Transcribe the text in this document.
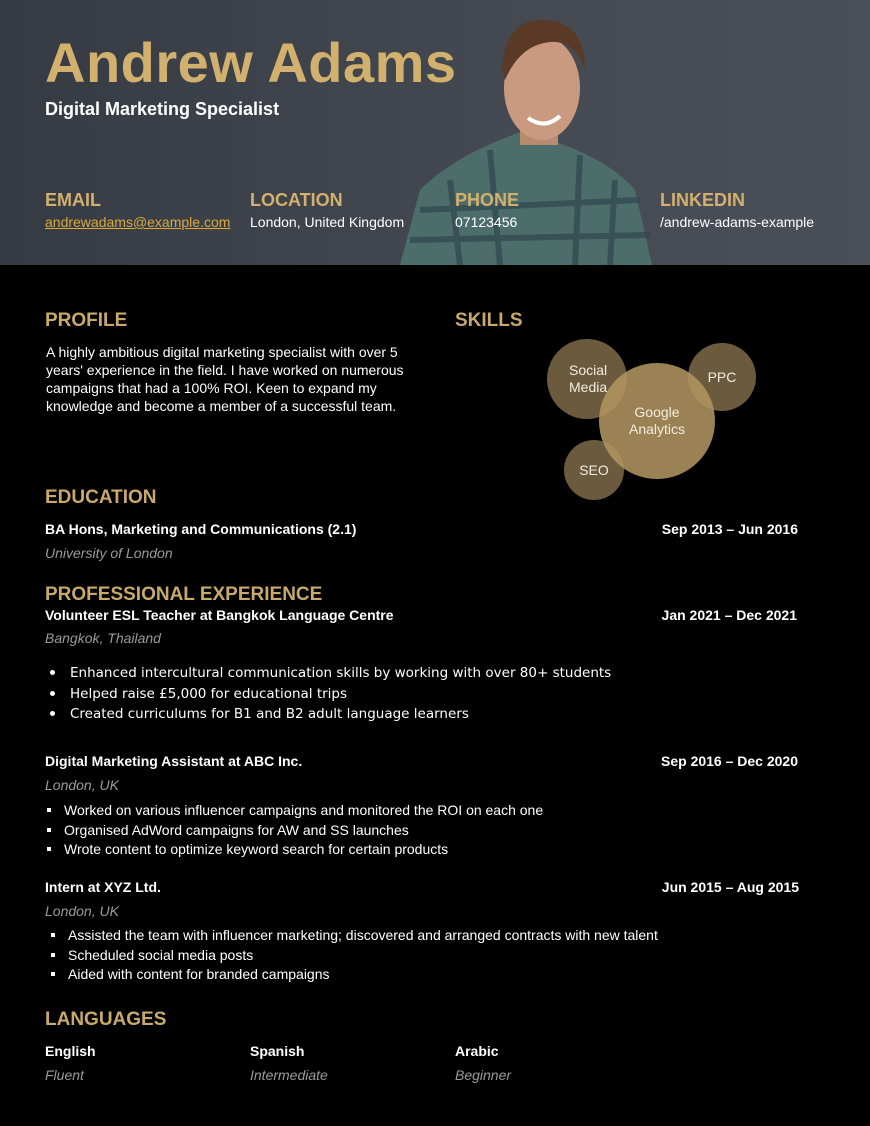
Andrew Adams
Digital Marketing Specialist
EMAIL
andrewadams@example.com
LOCATION
London, United Kingdom
PHONE
07123456
LINKEDIN
/andrew-adams-example
PROFILE
A highly ambitious digital marketing specialist with over 5 years' experience in the field. I have worked on numerous campaigns that had a 100% ROI. Keen to expand my knowledge and become a member of a successful team.
SKILLS
Social Media
PPC
SEO
Google Analytics
EDUCATION
BA Hons, Marketing and Communications (2.1)	Sep 2013 – Jun 2016
University of London
PROFESSIONAL EXPERIENCE
Volunteer ESL Teacher at Bangkok Language Centre	Jan 2021 – Dec 2021
Bangkok, Thailand
Enhanced intercultural communication skills by working with over 80+ students
Helped raise £5,000 for educational trips
Created curriculums for B1 and B2 adult language learners
Digital Marketing Assistant at ABC Inc.	Sep 2016 – Dec 2020
London, UK
Worked on various influencer campaigns and monitored the ROI on each one
Organised AdWord campaigns for AW and SS launches
Wrote content to optimize keyword search for certain products
Intern at XYZ Ltd.	Jun 2015 – Aug 2015
London, UK
Assisted the team with influencer marketing; discovered and arranged contracts with new talent
Scheduled social media posts
Aided with content for branded campaigns
LANGUAGES
English
Fluent
Spanish
Intermediate
Arabic
Beginner
